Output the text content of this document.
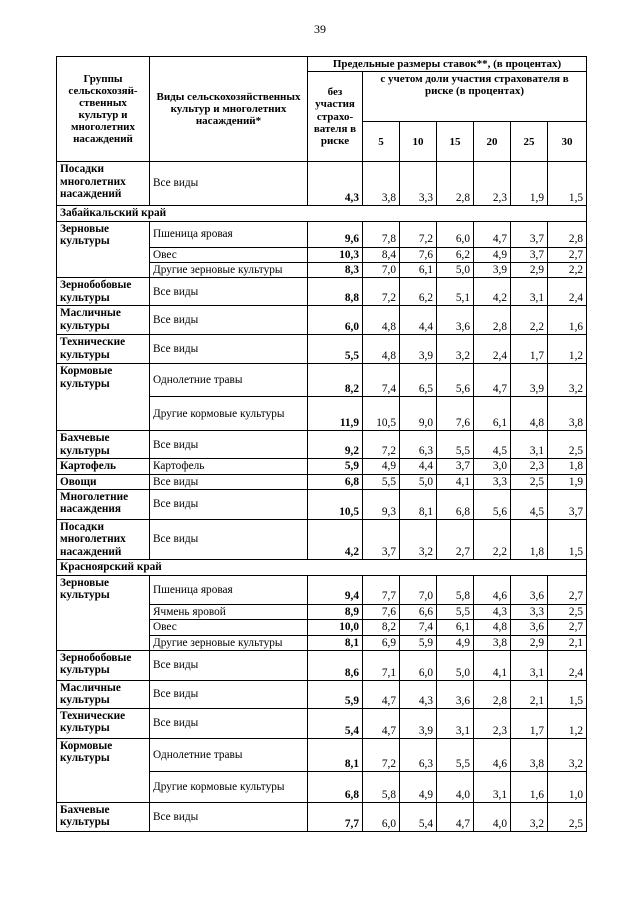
39
Группы сельскохозяй-ственных культур и многолетних насаждений	Виды сельскохозяйственных культур и многолетних насаждений*	Предельные размеры ставок**, (в процентах)						
		без участия страхо-вателя в риске	с учетом доли участия страхователя в риске (в процентах)					
			5	10	15	20	25	30
Посадки многолетних насаждений	Все виды	4,3	3,8	3,3	2,8	2,3	1,9	1,5
Забайкальский край								
Зерновые культуры	Пшеница яровая	9,6	7,8	7,2	6,0	4,7	3,7	2,8
	Овес	10,3	8,4	7,6	6,2	4,9	3,7	2,7
	Другие зерновые культуры	8,3	7,0	6,1	5,0	3,9	2,9	2,2
Зернобобовые культуры	Все виды	8,8	7,2	6,2	5,1	4,2	3,1	2,4
Масличные культуры	Все виды	6,0	4,8	4,4	3,6	2,8	2,2	1,6
Технические культуры	Все виды	5,5	4,8	3,9	3,2	2,4	1,7	1,2
Кормовые культуры	Однолетние травы	8,2	7,4	6,5	5,6	4,7	3,9	3,2
	Другие кормовые культуры	11,9	10,5	9,0	7,6	6,1	4,8	3,8
Бахчевые культуры	Все виды	9,2	7,2	6,3	5,5	4,5	3,1	2,5
Картофель	Картофель	5,9	4,9	4,4	3,7	3,0	2,3	1,8
Овощи	Все виды	6,8	5,5	5,0	4,1	3,3	2,5	1,9
Многолетние насаждения	Все виды	10,5	9,3	8,1	6,8	5,6	4,5	3,7
Посадки многолетних насаждений	Все виды	4,2	3,7	3,2	2,7	2,2	1,8	1,5
Красноярский край								
Зерновые культуры	Пшеница яровая	9,4	7,7	7,0	5,8	4,6	3,6	2,7
	Ячмень яровой	8,9	7,6	6,6	5,5	4,3	3,3	2,5
	Овес	10,0	8,2	7,4	6,1	4,8	3,6	2,7
	Другие зерновые культуры	8,1	6,9	5,9	4,9	3,8	2,9	2,1
Зернобобовые культуры	Все виды	8,6	7,1	6,0	5,0	4,1	3,1	2,4
Масличные культуры	Все виды	5,9	4,7	4,3	3,6	2,8	2,1	1,5
Технические культуры	Все виды	5,4	4,7	3,9	3,1	2,3	1,7	1,2
Кормовые культуры	Однолетние травы	8,1	7,2	6,3	5,5	4,6	3,8	3,2
	Другие кормовые культуры	6,8	5,8	4,9	4,0	3,1	1,6	1,0
Бахчевые культуры	Все виды	7,7	6,0	5,4	4,7	4,0	3,2	2,5
